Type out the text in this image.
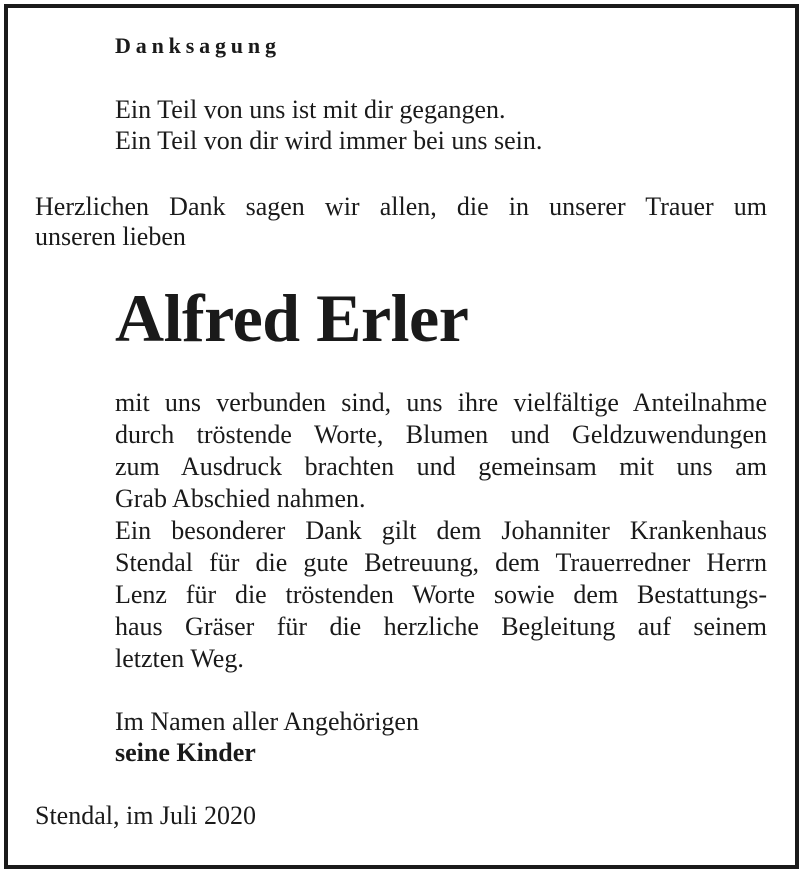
Danksagung
Ein Teil von uns ist mit dir gegangen.
Ein Teil von dir wird immer bei uns sein.
Herzlichen Dank sagen wir allen, die in unserer Trauer um
unseren lieben
Alfred Erler
mit uns verbunden sind, uns ihre vielfältige Anteilnahme
durch tröstende Worte, Blumen und Geldzuwendungen
zum Ausdruck brachten und gemeinsam mit uns am
Grab Abschied nahmen.
Ein besonderer Dank gilt dem Johanniter Krankenhaus
Stendal für die gute Betreuung, dem Trauerredner Herrn
Lenz für die tröstenden Worte sowie dem Bestattungs-
haus Gräser für die herzliche Begleitung auf seinem
letzten Weg.
Im Namen aller Angehörigen
seine Kinder
Stendal, im Juli 2020
